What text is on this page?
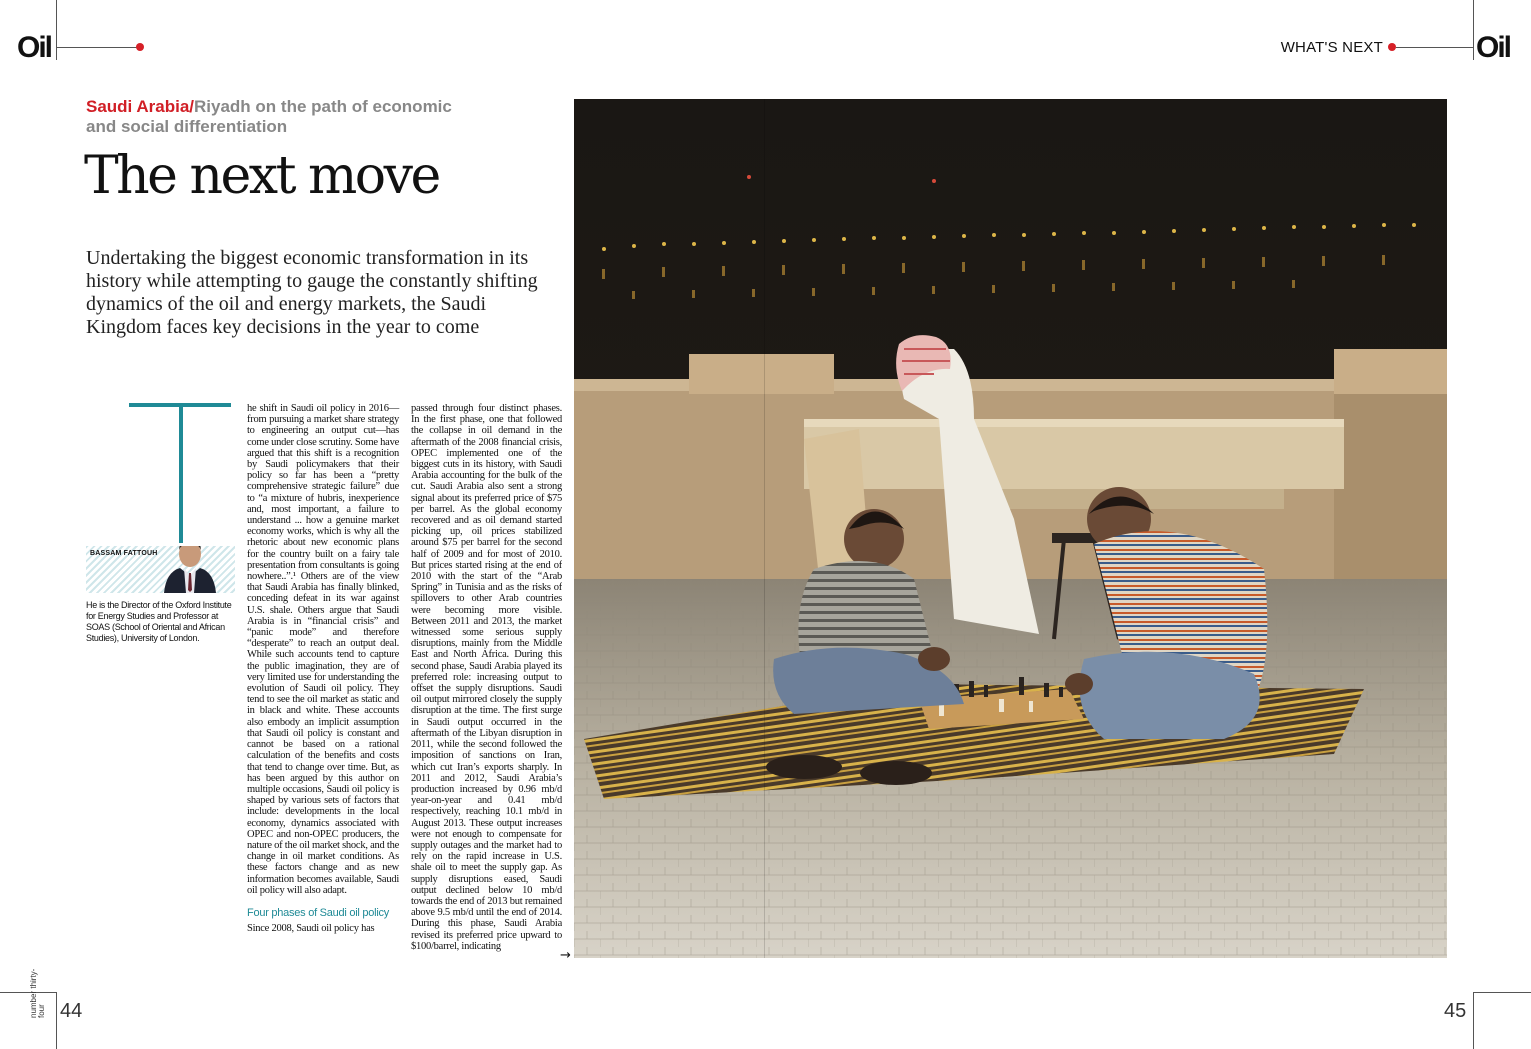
Oil	WHAT'S NEXT	Oil
Saudi Arabia/Riyadh on the path of economic and social differentiation
The next move

Undertaking the biggest economic transformation in its history while attempting to gauge the constantly shifting dynamics of the oil and energy markets, the Saudi Kingdom faces key decisions in the year to come

BASSAM FATTOUH

He is the Director of the Oxford Institute for Energy Studies and Professor at SOAS (School of Oriental and African Studies), University of London.

he shift in Saudi oil policy in 2016—from pursuing a market share strategy to engineering an output cut—has come under close scrutiny. Some have argued that this shift is a recognition by Saudi policymakers that their policy so far has been a “pretty comprehensive strategic failure” due to “a mixture of hubris, inexperience and, most important, a failure to understand ... how a genuine market economy works, which is why all the rhetoric about new economic plans for the country built on a fairy tale presentation from consultants is going nowhere..”.¹ Others are of the view that Saudi Arabia has finally blinked, conceding defeat in its war against U.S. shale. Others argue that Saudi Arabia is in “financial crisis” and “panic mode” and therefore “desperate” to reach an output deal. While such accounts tend to capture the public imagination, they are of very limited use for understanding the evolution of Saudi oil policy. They tend to see the oil market as static and in black and white. These accounts also embody an implicit assumption that Saudi oil policy is constant and cannot be based on a rational calculation of the benefits and costs that tend to change over time. But, as has been argued by this author on multiple occasions, Saudi oil policy is shaped by various sets of factors that include: developments in the local economy, dynamics associated with OPEC and non-OPEC producers, the nature of the oil market shock, and the change in oil market conditions. As these factors change and as new information becomes available, Saudi oil policy will also adapt.

Four phases of Saudi oil policy

Since 2008, Saudi oil policy has

passed through four distinct phases. In the first phase, one that followed the collapse in oil demand in the aftermath of the 2008 financial crisis, OPEC implemented one of the biggest cuts in its history, with Saudi Arabia accounting for the bulk of the cut. Saudi Arabia also sent a strong signal about its preferred price of $75 per barrel. As the global economy recovered and as oil demand started picking up, oil prices stabilized around $75 per barrel for the second half of 2009 and for most of 2010. But prices started rising at the end of 2010 with the start of the “Arab Spring” in Tunisia and as the risks of spillovers to other Arab countries were becoming more visible. Between 2011 and 2013, the market witnessed some serious supply disruptions, mainly from the Middle East and North Africa. During this second phase, Saudi Arabia played its preferred role: increasing output to offset the supply disruptions. Saudi oil output mirrored closely the supply disruption at the time. The first surge in Saudi output occurred in the aftermath of the Libyan disruption in 2011, while the second followed the imposition of sanctions on Iran, which cut Iran’s exports sharply. In 2011 and 2012, Saudi Arabia’s production increased by 0.96 mb/d year-on-year and 0.41 mb/d respectively, reaching 10.1 mb/d in August 2013. These output increases were not enough to compensate for supply outages and the market had to rely on the rapid increase in U.S. shale oil to meet the supply gap. As supply disruptions eased, Saudi output declined below 10 mb/d towards the end of 2013 but remained above 9.5 mb/d until the end of 2014. During this phase, Saudi Arabia revised its preferred price upward to $100/barrel, indicating

→
44	45
number thirty-four
